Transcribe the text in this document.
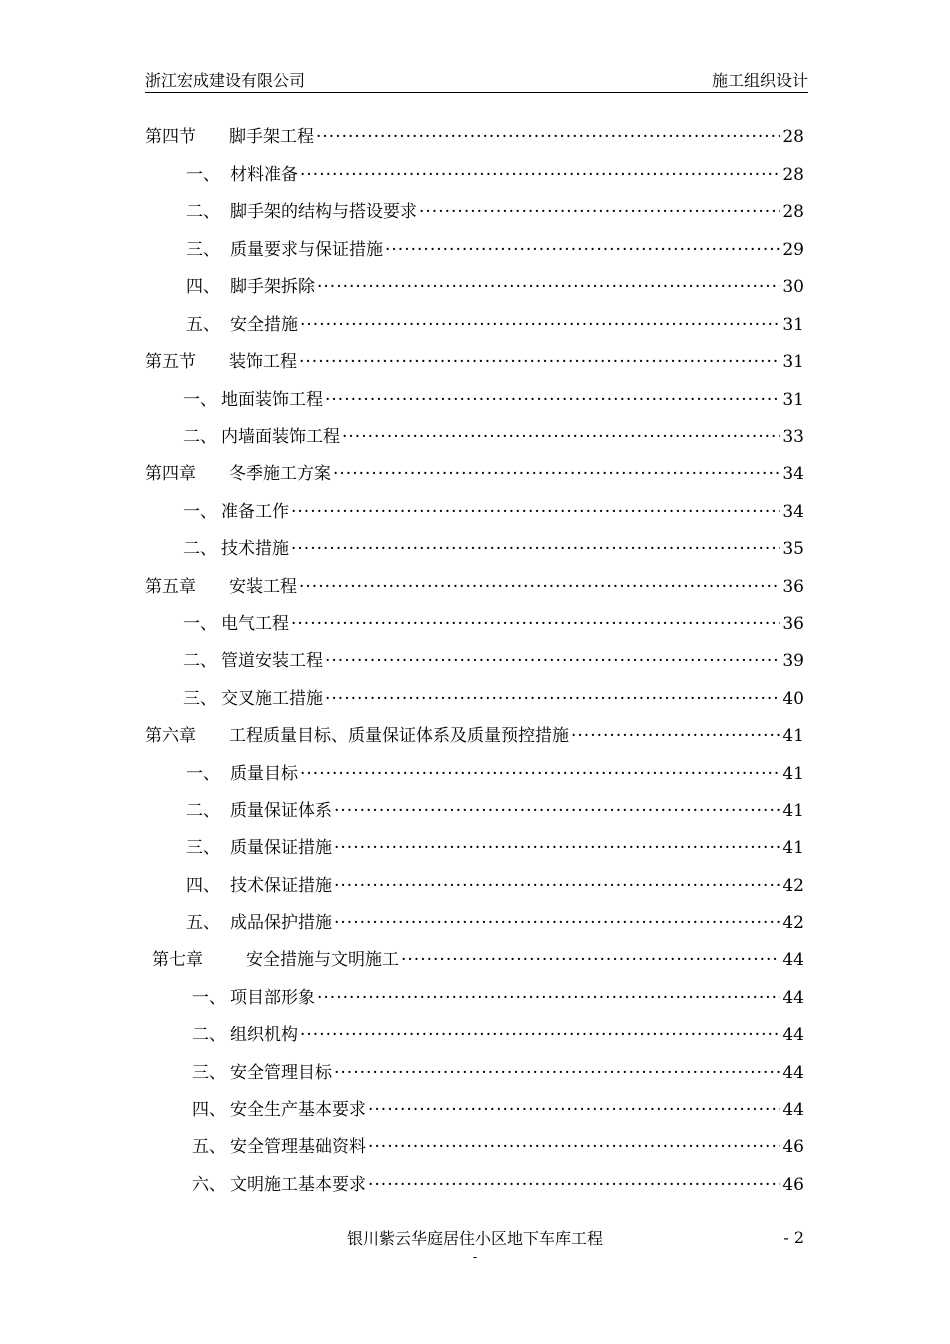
浙江宏成建设有限公司	施工组织设计
第四节	脚手架工程 ·····	28
一、 材料准备 ·····	28
二、 脚手架的结构与搭设要求 ·····	28
三、 质量要求与保证措施 ·····	29
四、 脚手架拆除 ·····	30
五、 安全措施 ·····	31
第五节	装饰工程 ·····	31
一、 地面装饰工程 ·····	31
二、 内墙面装饰工程 ·····	33
第四章	冬季施工方案 ·····	34
一、 准备工作 ·····	34
二、 技术措施 ·····	35
第五章	安装工程 ·····	36
一、 电气工程 ·····	36
二、 管道安装工程 ·····	39
三、 交叉施工措施 ·····	40
第六章	工程质量目标、质量保证体系及质量预控措施 ·····	41
一、 质量目标 ·····	41
二、 质量保证体系 ·····	41
三、 质量保证措施 ·····	41
四、 技术保证措施 ·····	42
五、 成品保护措施 ·····	42
第七章	安全措施与文明施工 ·····	44
一、 项目部形象 ·····	44
二、 组织机构 ·····	44
三、 安全管理目标 ·····	44
四、 安全生产基本要求 ·····	44
五、 安全管理基础资料 ·····	46
六、 文明施工基本要求 ·····	46
银川紫云华庭居住小区地下车库工程	- 2
-
